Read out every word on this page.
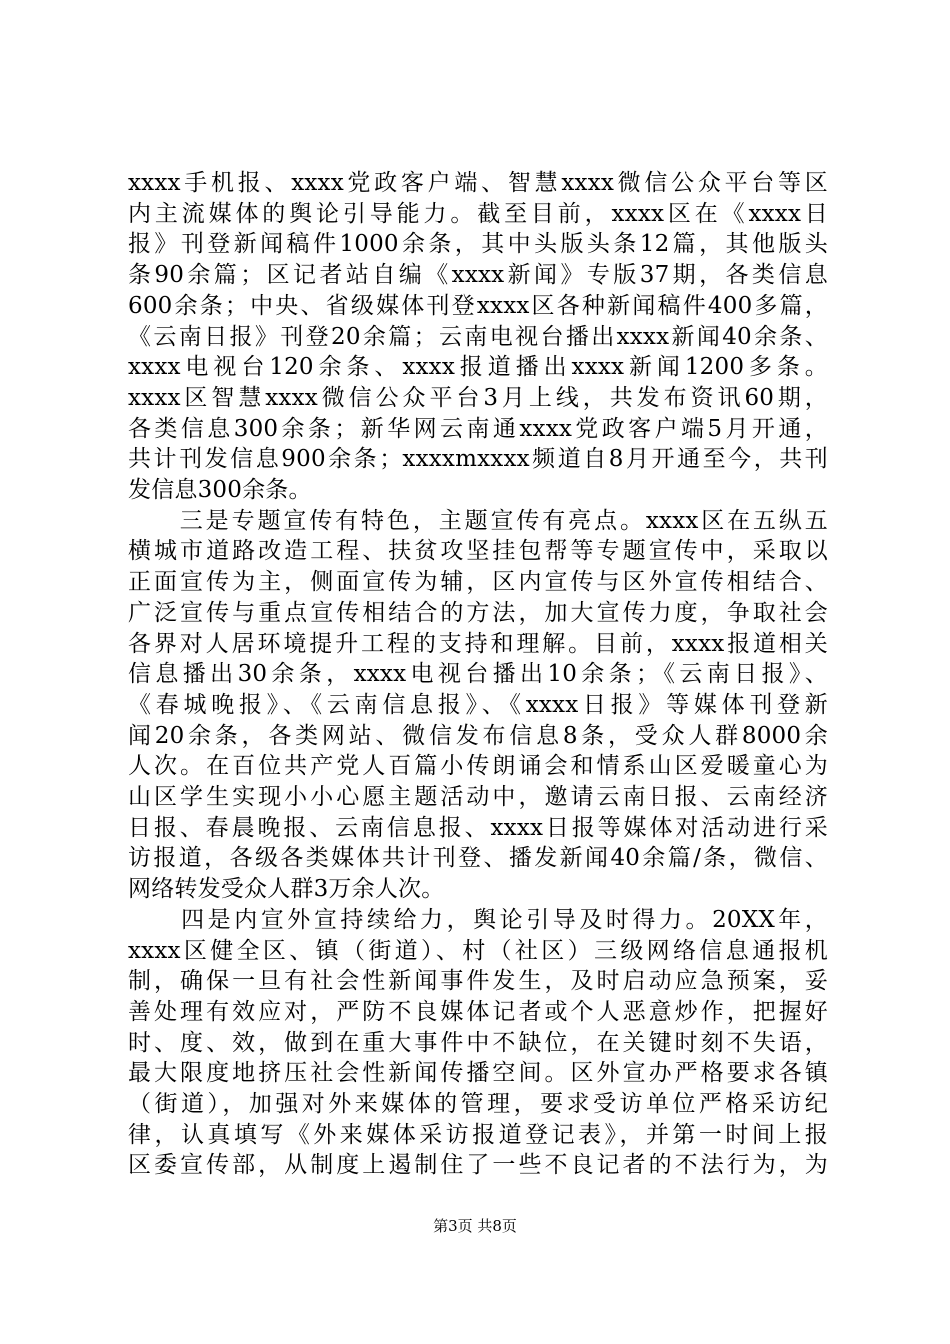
xxxx手机报、xxxx党政客户端、智慧xxxx微信公众平台等区
内主流媒体的舆论引导能力。截至目前，xxxx区在《xxxx日
报》刊登新闻稿件1000余条，其中头版头条12篇，其他版头
条90余篇；区记者站自编《xxxx新闻》专版37期，各类信息
600余条；中央、省级媒体刊登xxxx区各种新闻稿件400多篇，
《云南日报》刊登20余篇；云南电视台播出xxxx新闻40余条、
xxxx电视台120余条、xxxx报道播出xxxx新闻1200多条。
xxxx区智慧xxxx微信公众平台3月上线，共发布资讯60期，
各类信息300余条；新华网云南通xxxx党政客户端5月开通，
共计刊发信息900余条；xxxxmxxxx频道自8月开通至今，共刊
发信息300余条。
　　三是专题宣传有特色，主题宣传有亮点。xxxx区在五纵五
横城市道路改造工程、扶贫攻坚挂包帮等专题宣传中，采取以
正面宣传为主，侧面宣传为辅，区内宣传与区外宣传相结合、
广泛宣传与重点宣传相结合的方法，加大宣传力度，争取社会
各界对人居环境提升工程的支持和理解。目前，xxxx报道相关
信息播出30余条，xxxx电视台播出10余条；《云南日报》、
《春城晚报》、《云南信息报》、《xxxx日报》等媒体刊登新
闻20余条，各类网站、微信发布信息8条，受众人群8000余
人次。在百位共产党人百篇小传朗诵会和情系山区爱暖童心为
山区学生实现小小心愿主题活动中，邀请云南日报、云南经济
日报、春晨晚报、云南信息报、xxxx日报等媒体对活动进行采
访报道，各级各类媒体共计刊登、播发新闻40余篇/条，微信、
网络转发受众人群3万余人次。
　　四是内宣外宣持续给力，舆论引导及时得力。20XX年，
xxxx区健全区、镇（街道）、村（社区）三级网络信息通报机
制，确保一旦有社会性新闻事件发生，及时启动应急预案，妥
善处理有效应对，严防不良媒体记者或个人恶意炒作，把握好
时、度、效，做到在重大事件中不缺位，在关键时刻不失语，
最大限度地挤压社会性新闻传播空间。区外宣办严格要求各镇
（街道），加强对外来媒体的管理，要求受访单位严格采访纪
律，认真填写《外来媒体采访报道登记表》，并第一时间上报
区委宣传部，从制度上遏制住了一些不良记者的不法行为，为
第3页 共8页
